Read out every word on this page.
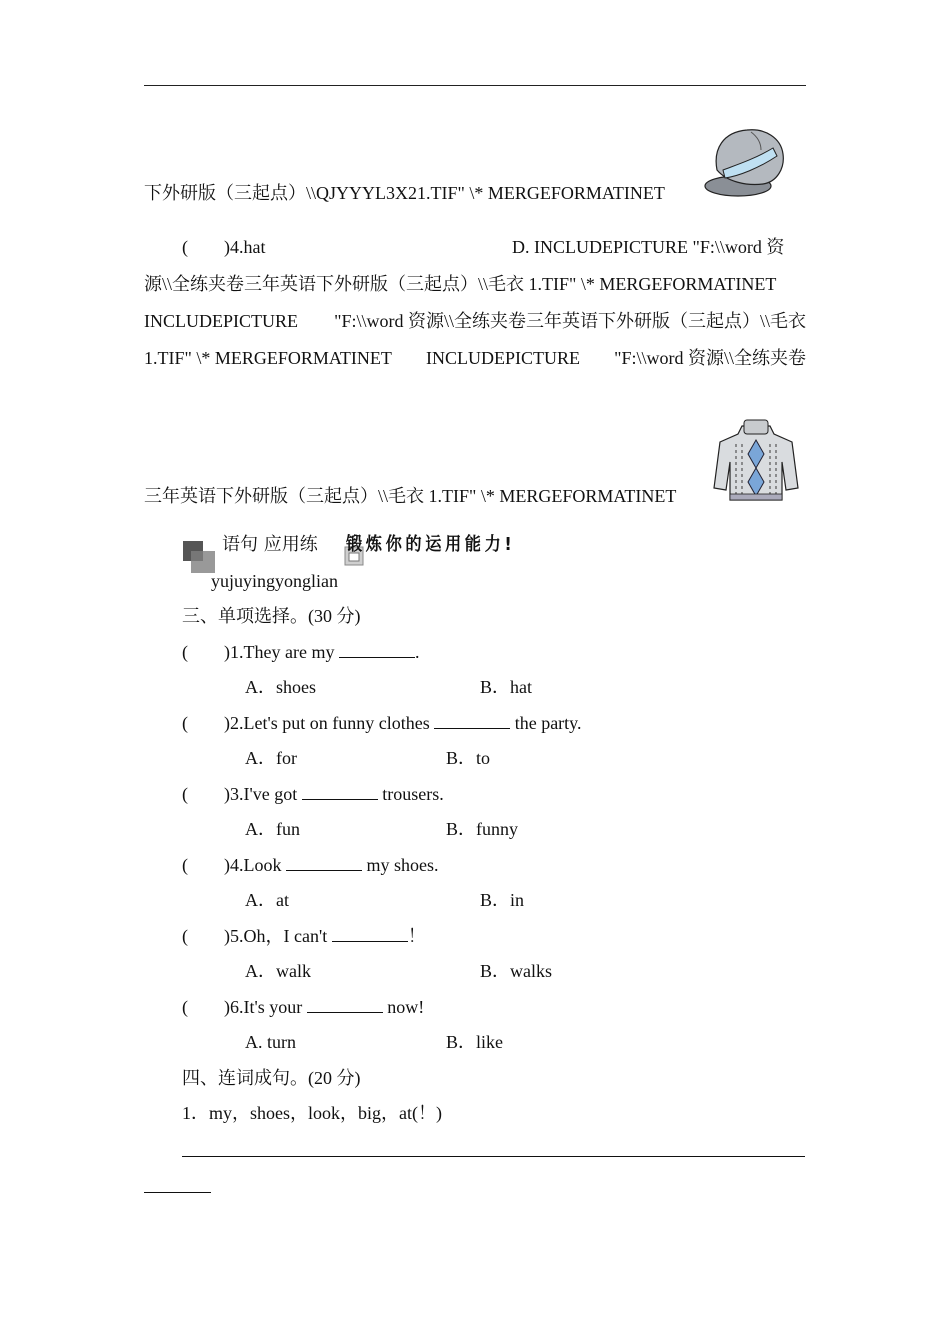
下外研版（三起点）\\QJYYYL3X21.TIF" \* MERGEFORMATINET
(　　)4.hat	D. INCLUDEPICTURE "F:\\word 资
源\\全练夹卷三年英语下外研版（三起点）\\毛衣 1.TIF" \* MERGEFORMATINET
INCLUDEPICTURE "F:\\word 资源\\全练夹卷三年英语下外研版（三起点）\\毛衣
1.TIF" \* MERGEFORMATINET INCLUDEPICTURE "F:\\word 资源\\全练夹卷
三年英语下外研版（三起点）\\毛衣 1.TIF" \* MERGEFORMATINET
语句 应用练 锻炼你的运用能力!
yujuyingyonglian
三、单项选择。(30 分)
(　　)1.They are my	.
A．shoes	B．hat
(　　)2.Let's put on funny clothes	the party.
A．for	B．to
(　　)3.I've got	trousers.
A．fun	B．funny
(　　)4.Look	my shoes.
A．at	B．in
(　　)5.Oh，I can't	！
A．walk	B．walks
(　　)6.It's your	now!
A. turn	B．like
四、连词成句。(20 分)
1．my，shoes，look，big，at(！)
